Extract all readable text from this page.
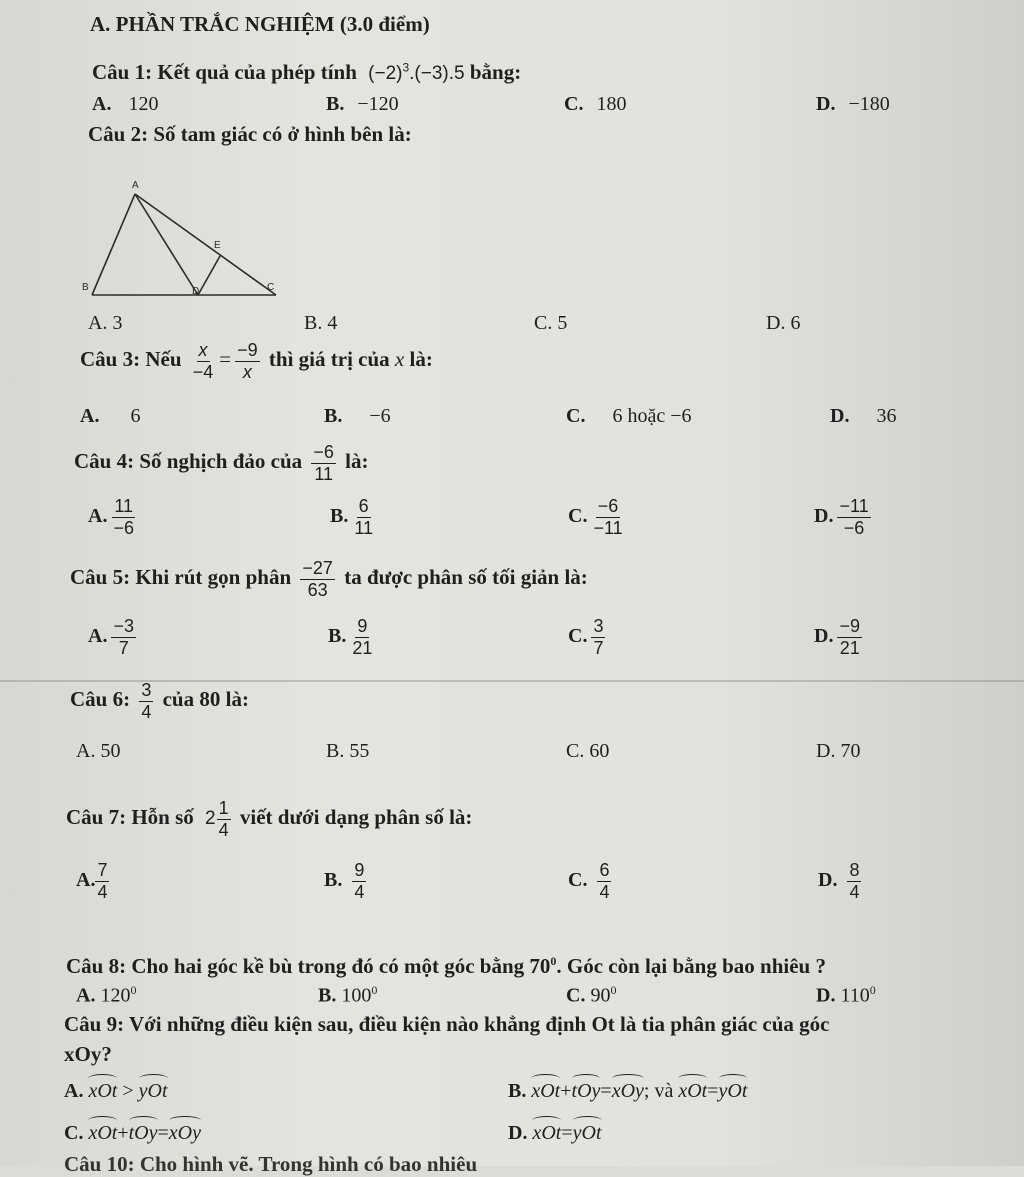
A. PHẦN TRẮC NGHIỆM (3.0 điểm)
Câu 1: Kết quả của phép tính $(-2)^3.(-3).5$ bằng:
A. 120	B. −120	C. 180	D. −180
Câu 2: Số tam giác có ở hình bên là:
A
B	C
D
E
A. 3	B. 4	C. 5	D. 6
Câu 3: Nếu $\frac{x}{-4} = \frac{-9}{x}$ thì giá trị của x là:
A. 6	B. −6	C. 6 hoặc −6	D. 36
Câu 4: Số nghịch đảo của $\frac{-6}{11}$ là:
A. $\frac{11}{-6}$	B. $\frac{6}{11}$	C. $\frac{-6}{-11}$	D. $\frac{-11}{-6}$
Câu 5: Khi rút gọn phân $\frac{-27}{63}$ ta được phân số tối giản là:
A. $\frac{-3}{7}$	B. $\frac{9}{21}$	C. $\frac{3}{7}$	D. $\frac{-9}{21}$
Câu 6: $\frac{3}{4}$ của 80 là:
A. 50	B. 55	C. 60	D. 70
Câu 7: Hỗn số $2 \frac{1}{4}$ viết dưới dạng phân số là:
A. $\frac{7}{4}$	B. $\frac{9}{4}$	C. $\frac{6}{4}$	D. $\frac{8}{4}$
Câu 8: Cho hai góc kề bù trong đó có một góc bằng $70^0$. Góc còn lại bằng bao nhiêu ?
A. $120^0$	B. $100^0$	C. $90^0$	D. $110^0$
Câu 9: Với những điều kiện sau, điều kiện nào khẳng định Ot là tia phân giác của góc
xOy?
A. xOt > yOt	B. xOt+tOy=xOy; và xOt=yOt
C. xOt+tOy=xOy	D. xOt=yOt
Câu 10: Cho hình vẽ. Trong hình có bao nhiêu
